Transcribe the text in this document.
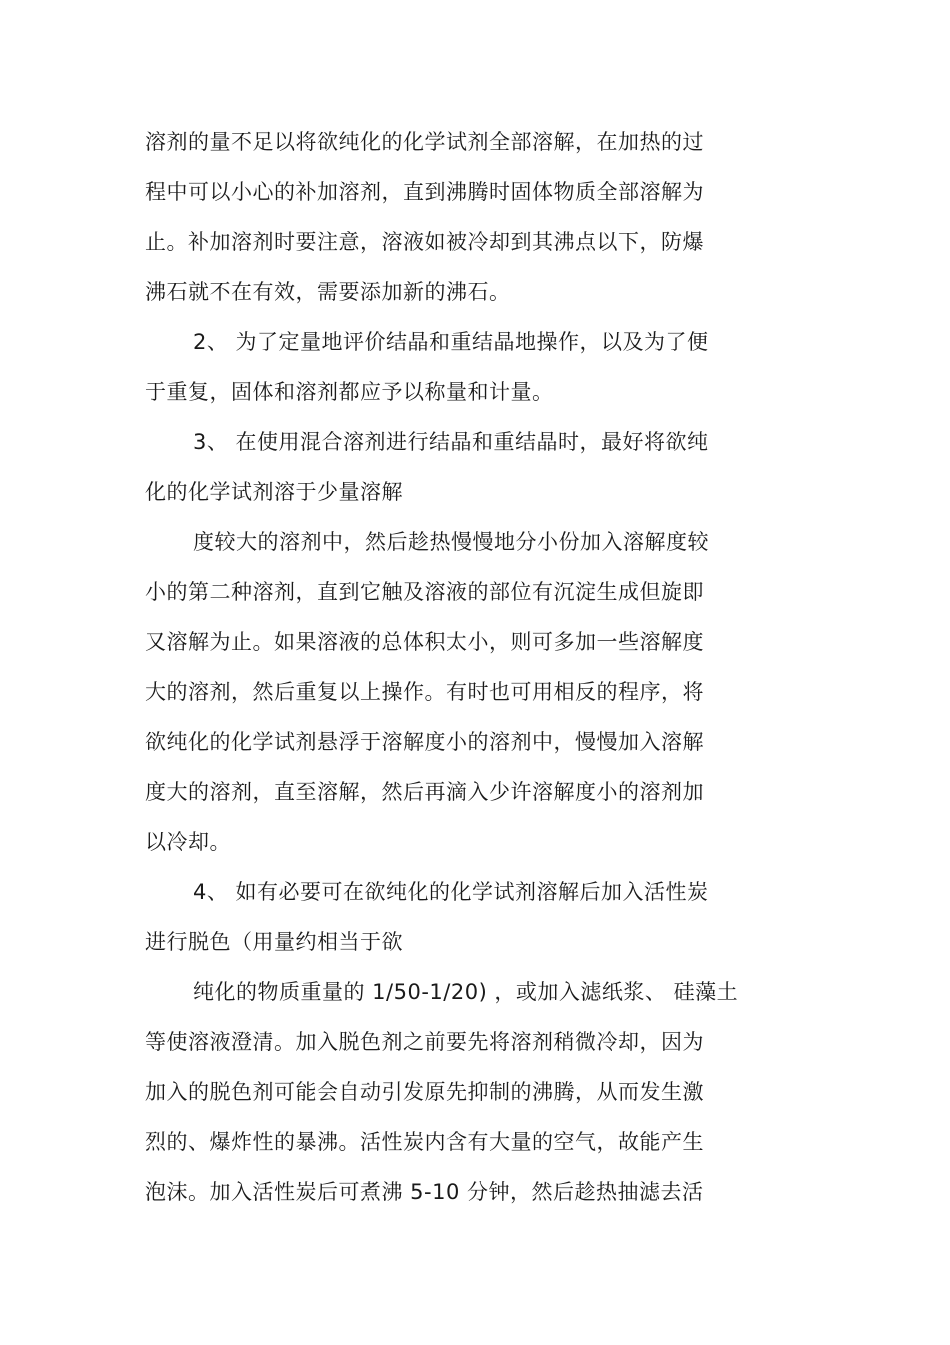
溶剂的量不足以将欲纯化的化学试剂全部溶解，在加热的过
程中可以小心的补加溶剂，直到沸腾时固体物质全部溶解为
止。补加溶剂时要注意，溶液如被冷却到其沸点以下，防爆
沸石就不在有效，需要添加新的沸石。
2、 为了定量地评价结晶和重结晶地操作，以及为了便
于重复，固体和溶剂都应予以称量和计量。
3、 在使用混合溶剂进行结晶和重结晶时，最好将欲纯
化的化学试剂溶于少量溶解
度较大的溶剂中，然后趁热慢慢地分小份加入溶解度较
小的第二种溶剂，直到它触及溶液的部位有沉淀生成但旋即
又溶解为止。如果溶液的总体积太小，则可多加一些溶解度
大的溶剂，然后重复以上操作。有时也可用相反的程序，将
欲纯化的化学试剂悬浮于溶解度小的溶剂中，慢慢加入溶解
度大的溶剂，直至溶解，然后再滴入少许溶解度小的溶剂加
以冷却。
4、 如有必要可在欲纯化的化学试剂溶解后加入活性炭
进行脱色（用量约相当于欲
纯化的物质重量的 1/50-1/20) ，或加入滤纸浆、 硅藻土
等使溶液澄清。加入脱色剂之前要先将溶剂稍微冷却，因为
加入的脱色剂可能会自动引发原先抑制的沸腾，从而发生激
烈的、爆炸性的暴沸。活性炭内含有大量的空气，故能产生
泡沫。加入活性炭后可煮沸 5-10 分钟，然后趁热抽滤去活
